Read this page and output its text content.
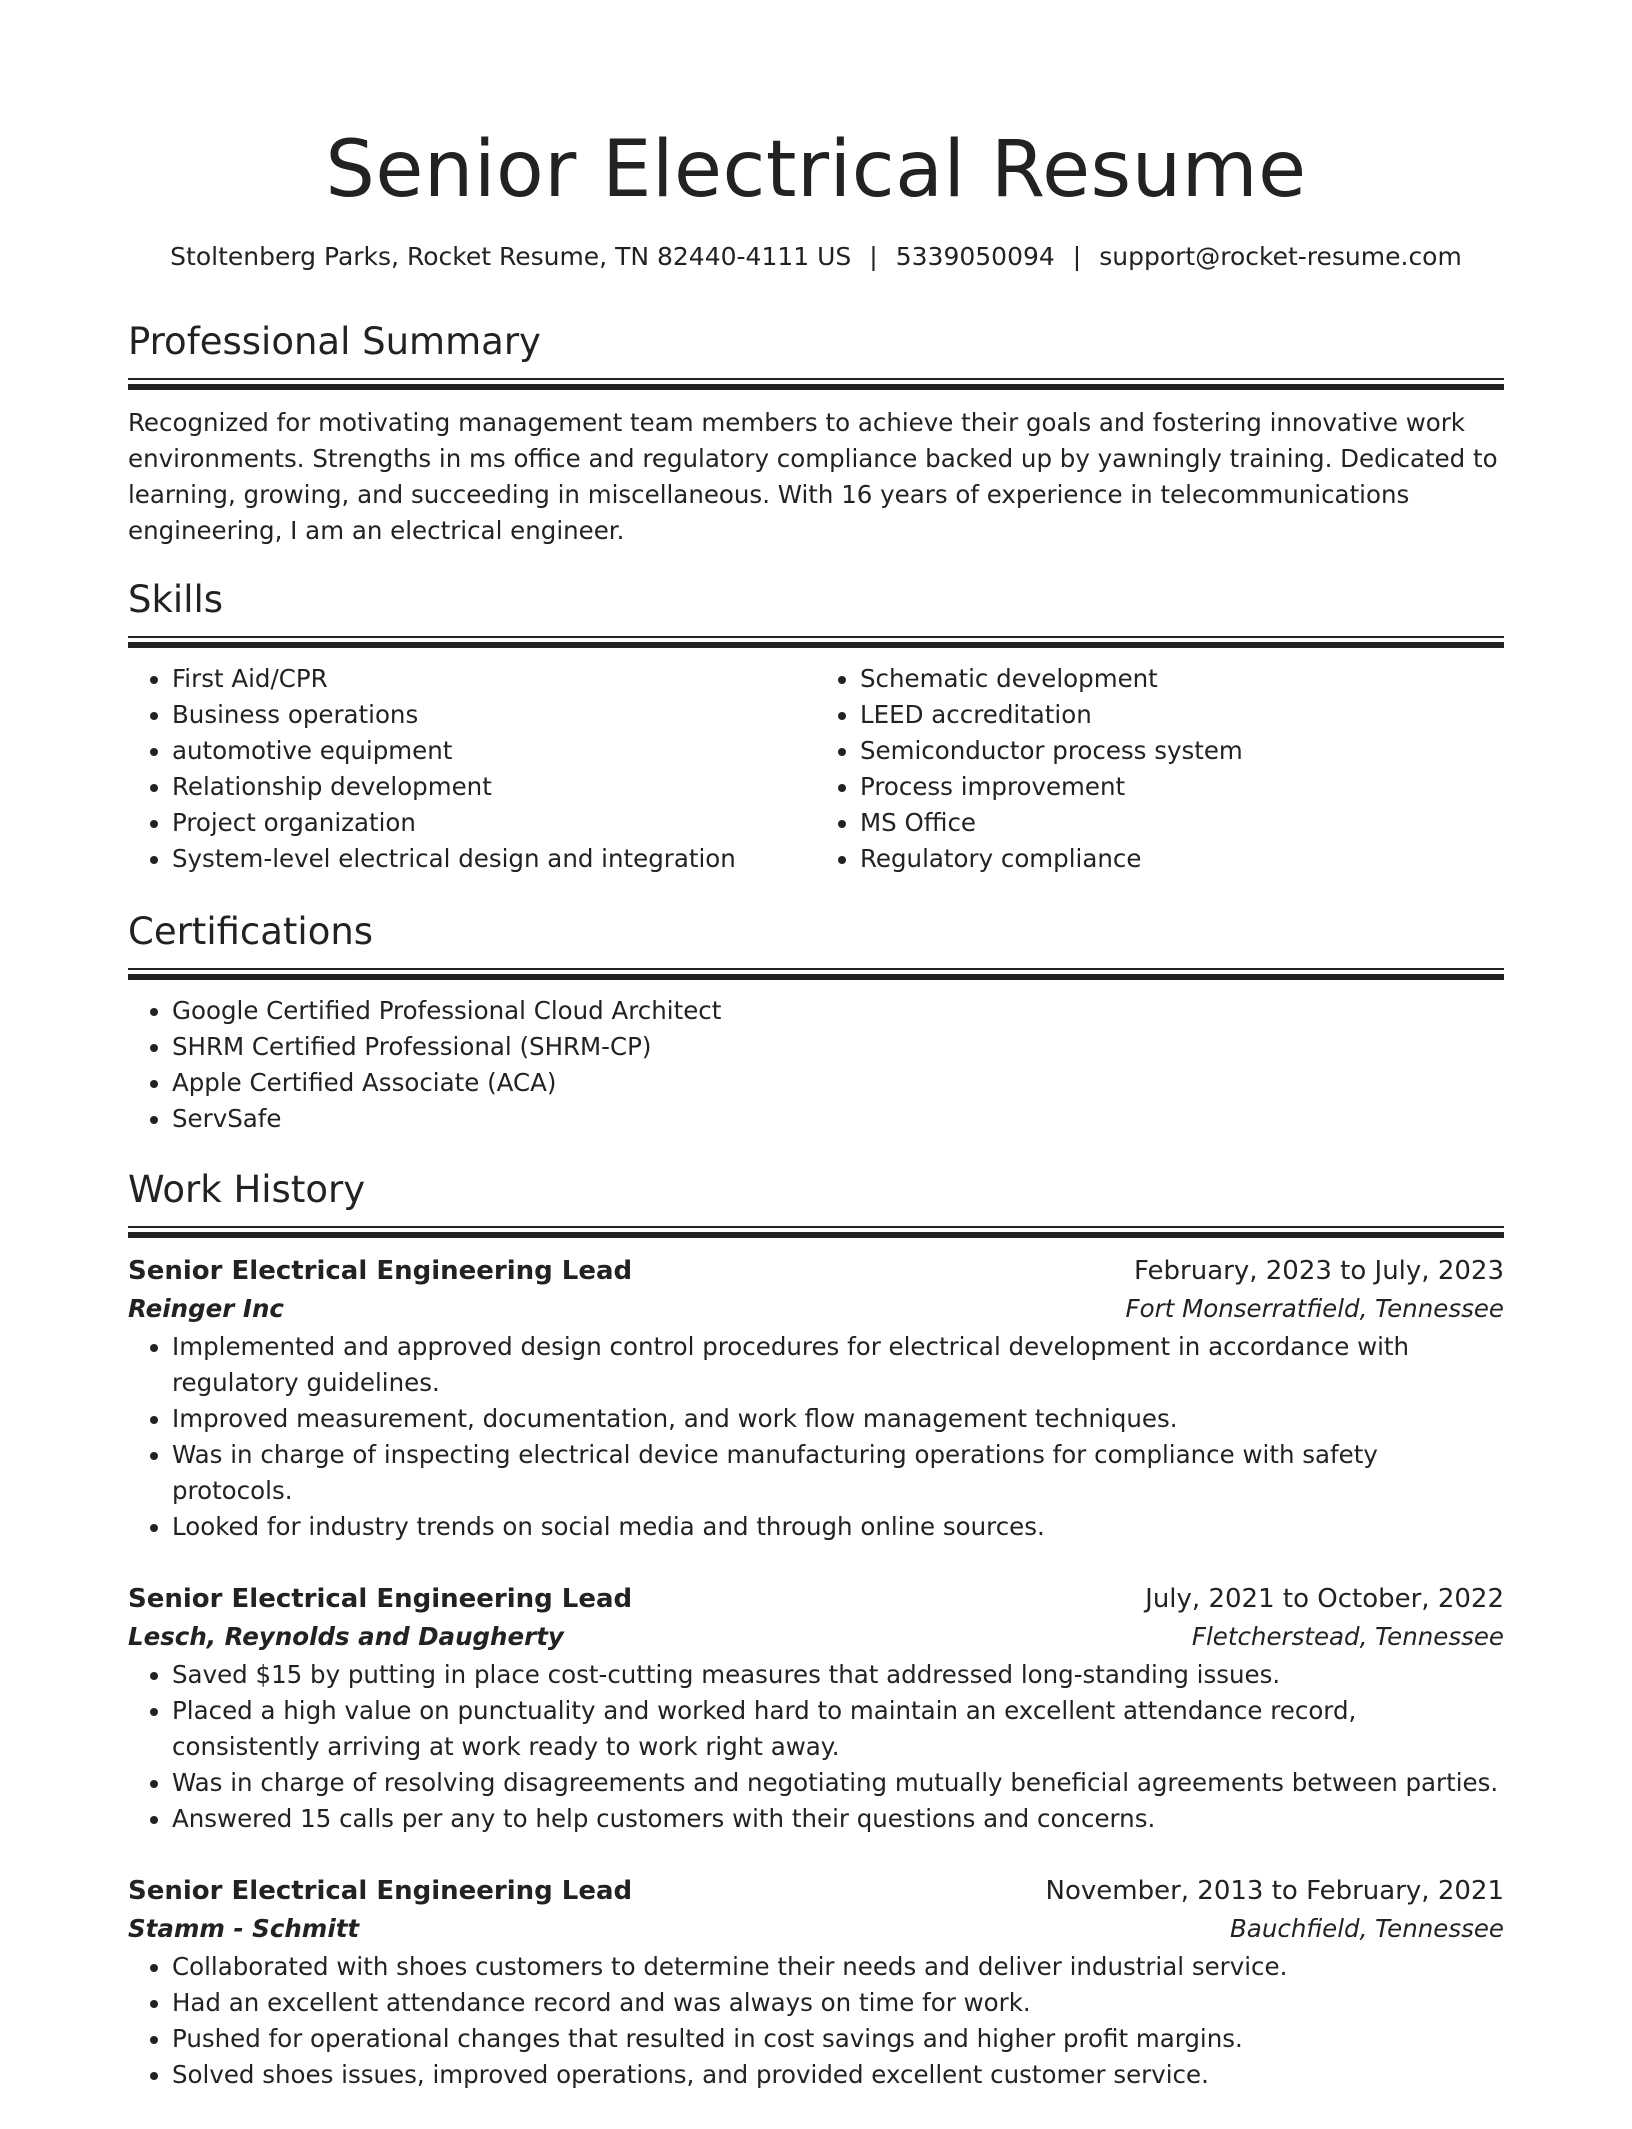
Senior Electrical Resume
Stoltenberg Parks, Rocket Resume, TN 82440-4111 US | 5339050094 | support@rocket-resume.com
Professional Summary
Recognized for motivating management team members to achieve their goals and fostering innovative work environments. Strengths in ms office and regulatory compliance backed up by yawningly training. Dedicated to learning, growing, and succeeding in miscellaneous. With 16 years of experience in telecommunications engineering, I am an electrical engineer.
Skills
• First Aid/CPR
• Business operations
• automotive equipment
• Relationship development
• Project organization
• System-level electrical design and integration
• Schematic development
• LEED accreditation
• Semiconductor process system
• Process improvement
• MS Office
• Regulatory compliance
Certifications
• Google Certified Professional Cloud Architect
• SHRM Certified Professional (SHRM-CP)
• Apple Certified Associate (ACA)
• ServSafe
Work History
Senior Electrical Engineering Lead	February, 2023 to July, 2023
Reinger Inc	Fort Monserratfield, Tennessee
• Implemented and approved design control procedures for electrical development in accordance with regulatory guidelines.
• Improved measurement, documentation, and work flow management techniques.
• Was in charge of inspecting electrical device manufacturing operations for compliance with safety protocols.
• Looked for industry trends on social media and through online sources.
Senior Electrical Engineering Lead	July, 2021 to October, 2022
Lesch, Reynolds and Daugherty	Fletcherstead, Tennessee
• Saved $15 by putting in place cost-cutting measures that addressed long-standing issues.
• Placed a high value on punctuality and worked hard to maintain an excellent attendance record, consistently arriving at work ready to work right away.
• Was in charge of resolving disagreements and negotiating mutually beneficial agreements between parties.
• Answered 15 calls per any to help customers with their questions and concerns.
Senior Electrical Engineering Lead	November, 2013 to February, 2021
Stamm - Schmitt	Bauchfield, Tennessee
• Collaborated with shoes customers to determine their needs and deliver industrial service.
• Had an excellent attendance record and was always on time for work.
• Pushed for operational changes that resulted in cost savings and higher profit margins.
• Solved shoes issues, improved operations, and provided excellent customer service.
